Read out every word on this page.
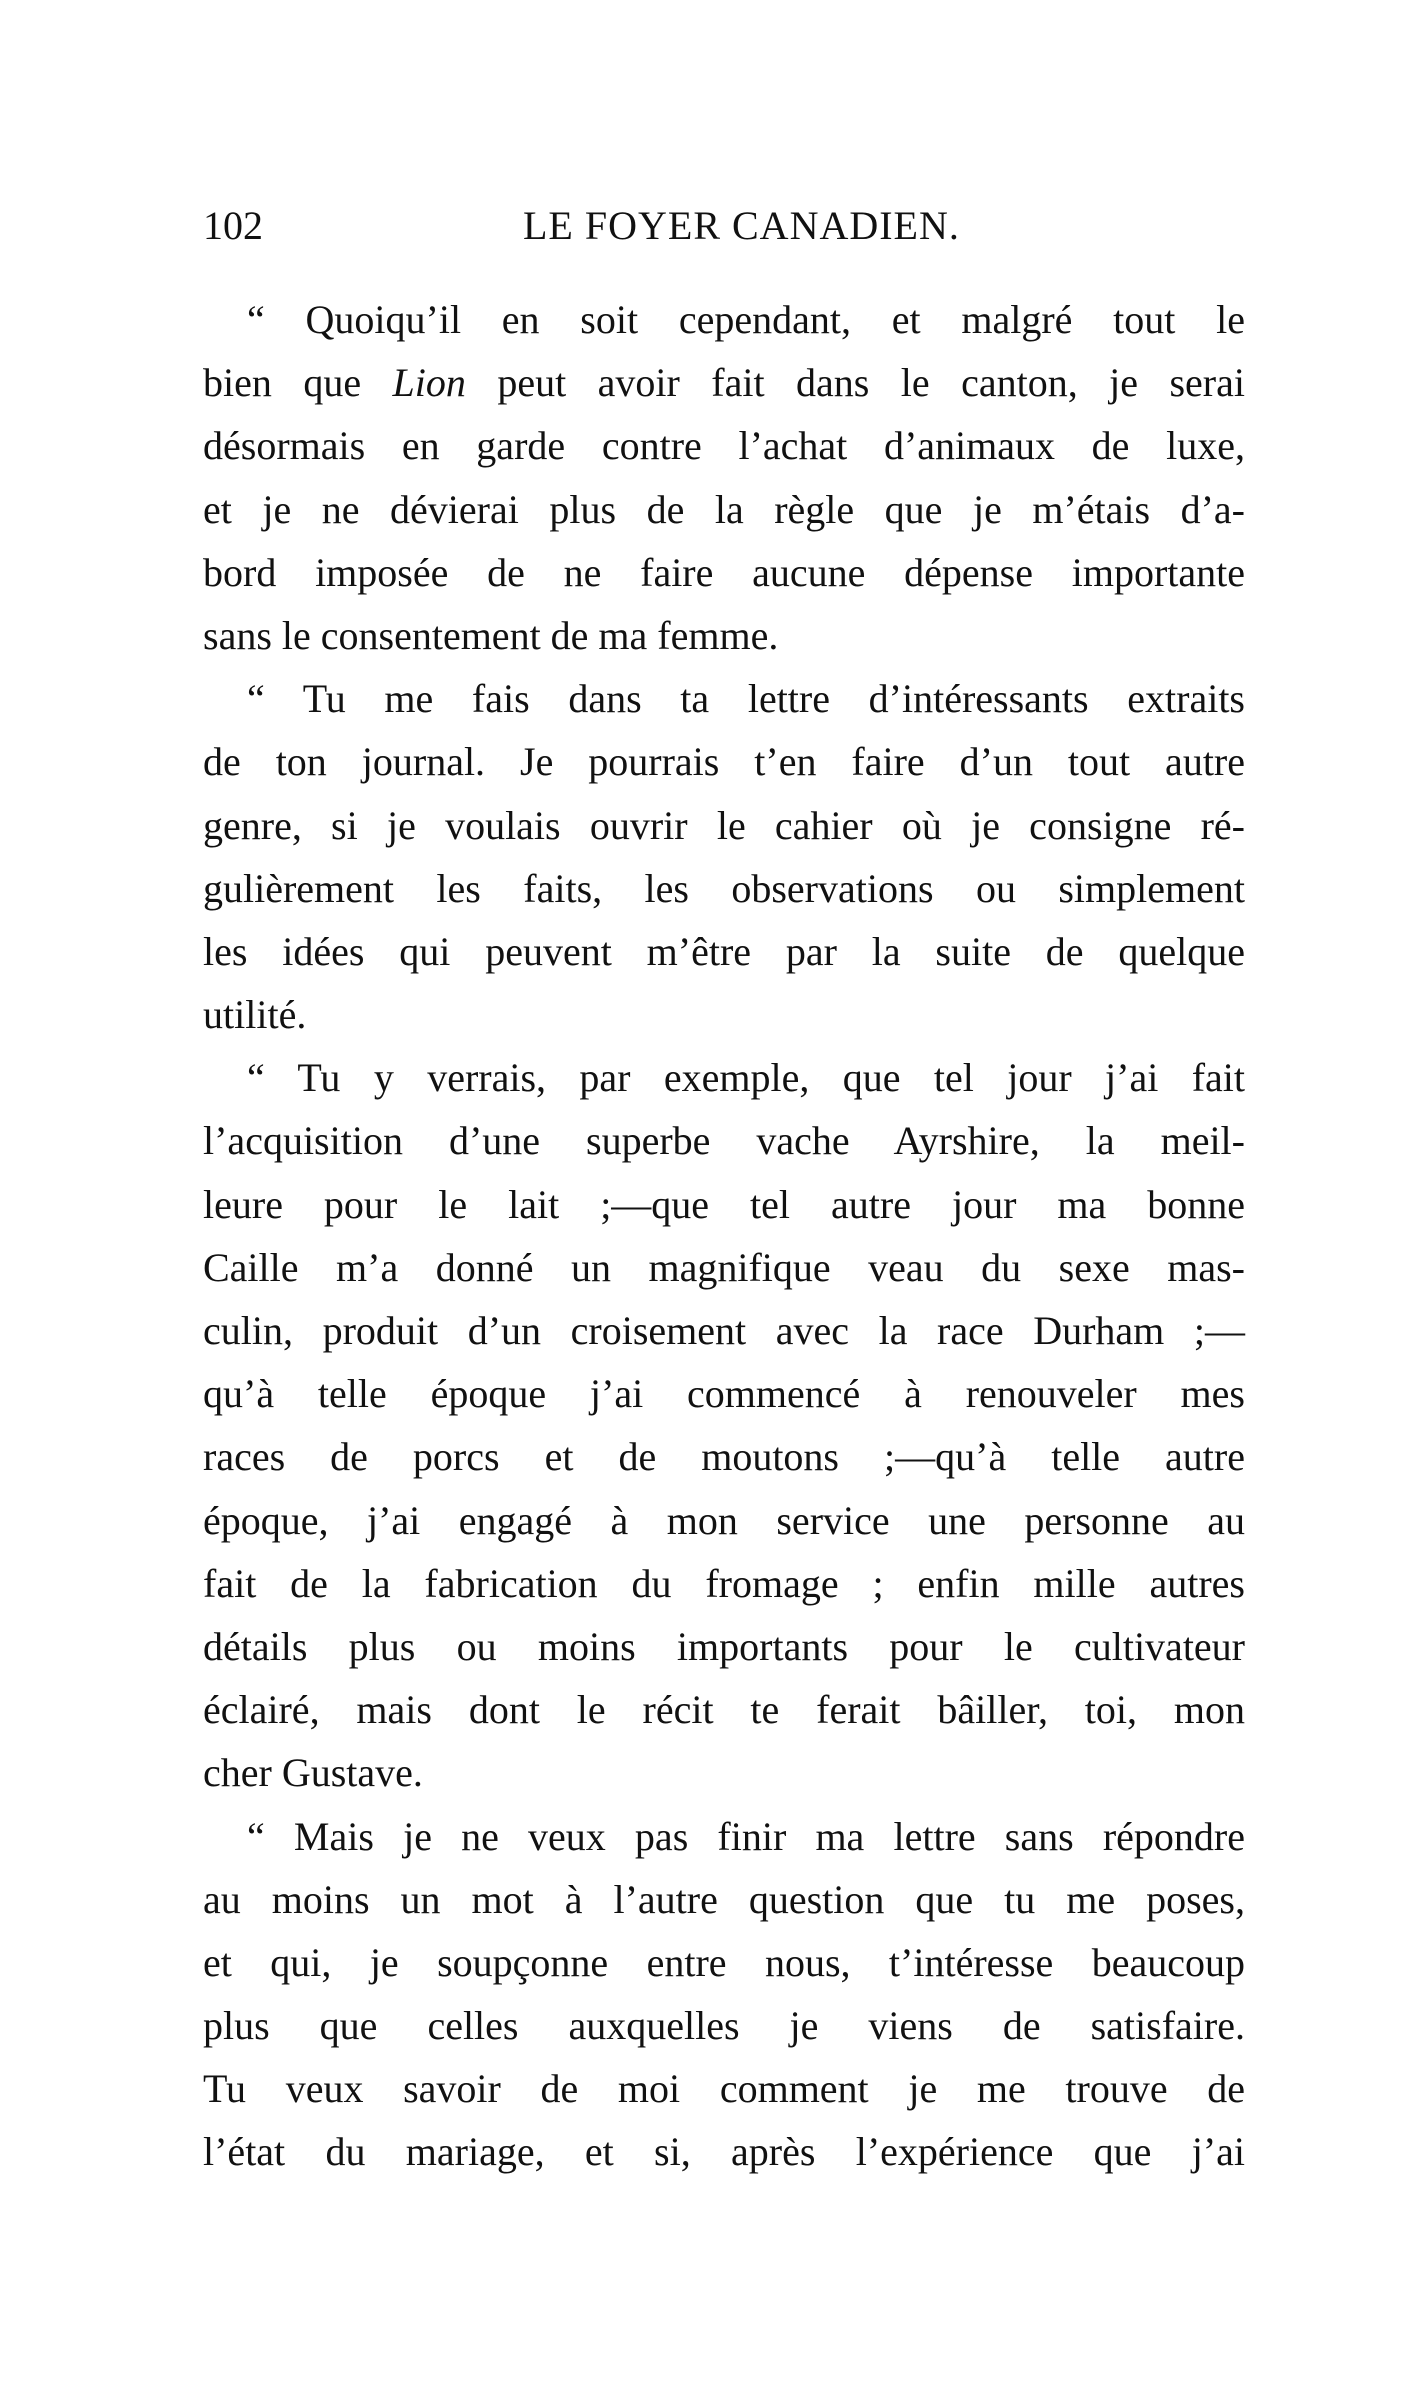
102	LE FOYER CANADIEN.
“ Quoiqu’il en soit cependant, et malgré tout le
bien que Lion peut avoir fait dans le canton, je serai
désormais en garde contre l’achat d’animaux de luxe,
et je ne dévierai plus de la règle que je m’étais d’a-
bord imposée de ne faire aucune dépense importante
sans le consentement de ma femme.
“ Tu me fais dans ta lettre d’intéressants extraits
de ton journal. Je pourrais t’en faire d’un tout autre
genre, si je voulais ouvrir le cahier où je consigne ré-
gulièrement les faits, les observations ou simplement
les idées qui peuvent m’être par la suite de quelque
utilité.
“ Tu y verrais, par exemple, que tel jour j’ai fait
l’acquisition d’une superbe vache Ayrshire, la meil-
leure pour le lait ;—que tel autre jour ma bonne
Caille m’a donné un magnifique veau du sexe mas-
culin, produit d’un croisement avec la race Durham ;—
qu’à telle époque j’ai commencé à renouveler mes
races de porcs et de moutons ;—qu’à telle autre
époque, j’ai engagé à mon service une personne au
fait de la fabrication du fromage ; enfin mille autres
détails plus ou moins importants pour le cultivateur
éclairé, mais dont le récit te ferait bâiller, toi, mon
cher Gustave.
“ Mais je ne veux pas finir ma lettre sans répondre
au moins un mot à l’autre question que tu me poses,
et qui, je soupçonne entre nous, t’intéresse beaucoup
plus que celles auxquelles je viens de satisfaire.
Tu veux savoir de moi comment je me trouve de
l’état du mariage, et si, après l’expérience que j’ai
